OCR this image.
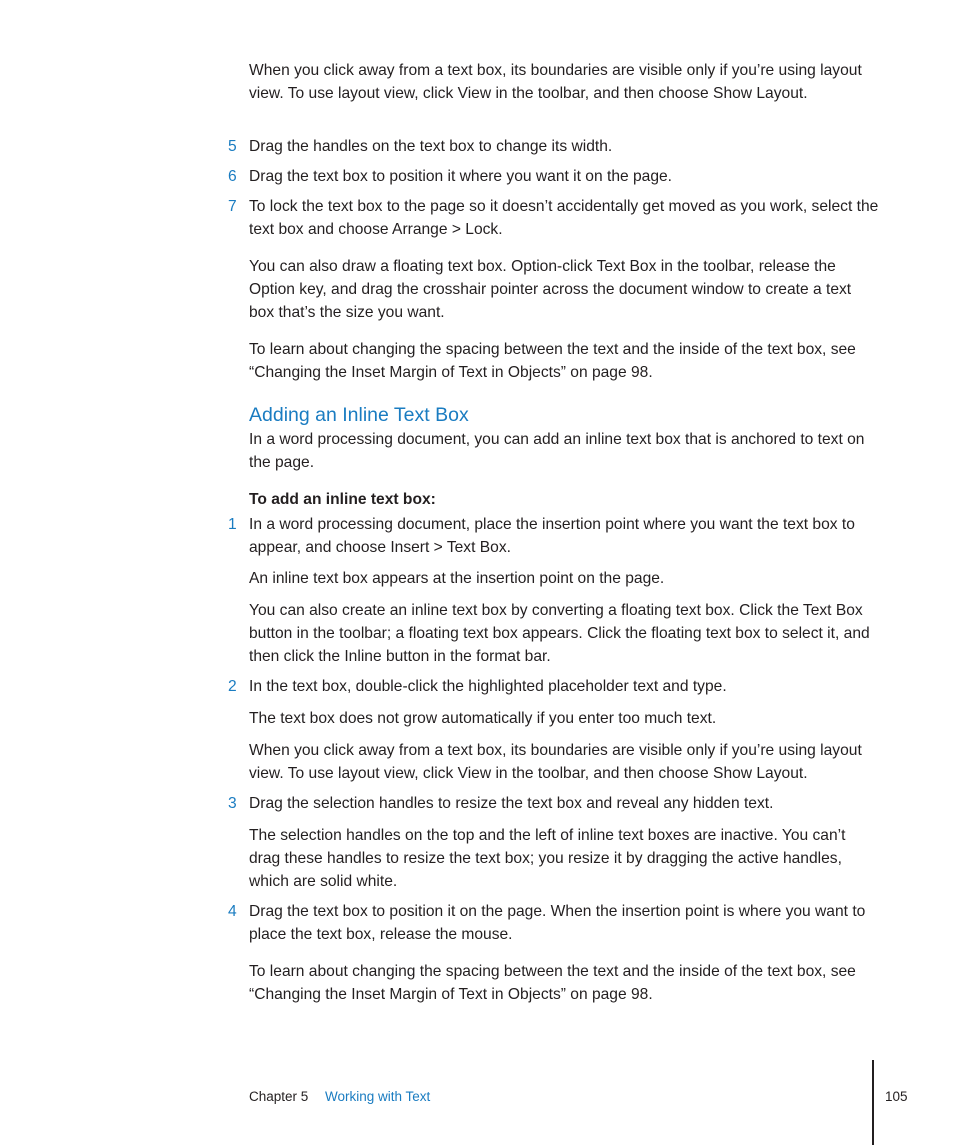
When you click away from a text box, its boundaries are visible only if you’re using layout view. To use layout view, click View in the toolbar, and then choose Show Layout.
5 Drag the handles on the text box to change its width.
6 Drag the text box to position it where you want it on the page.
7 To lock the text box to the page so it doesn’t accidentally get moved as you work, select the text box and choose Arrange > Lock.
You can also draw a floating text box. Option-click Text Box in the toolbar, release the Option key, and drag the crosshair pointer across the document window to create a text box that’s the size you want.
To learn about changing the spacing between the text and the inside of the text box, see “Changing the Inset Margin of Text in Objects” on page 98.
Adding an Inline Text Box
In a word processing document, you can add an inline text box that is anchored to text on the page.
To add an inline text box:
1 In a word processing document, place the insertion point where you want the text box to appear, and choose Insert > Text Box.
An inline text box appears at the insertion point on the page.
You can also create an inline text box by converting a floating text box. Click the Text Box button in the toolbar; a floating text box appears. Click the floating text box to select it, and then click the Inline button in the format bar.
2 In the text box, double-click the highlighted placeholder text and type.
The text box does not grow automatically if you enter too much text.
When you click away from a text box, its boundaries are visible only if you’re using layout view. To use layout view, click View in the toolbar, and then choose Show Layout.
3 Drag the selection handles to resize the text box and reveal any hidden text.
The selection handles on the top and the left of inline text boxes are inactive. You can’t drag these handles to resize the text box; you resize it by dragging the active handles, which are solid white.
4 Drag the text box to position it on the page. When the insertion point is where you want to place the text box, release the mouse.
To learn about changing the spacing between the text and the inside of the text box, see “Changing the Inset Margin of Text in Objects” on page 98.
Chapter 5 Working with Text	105
